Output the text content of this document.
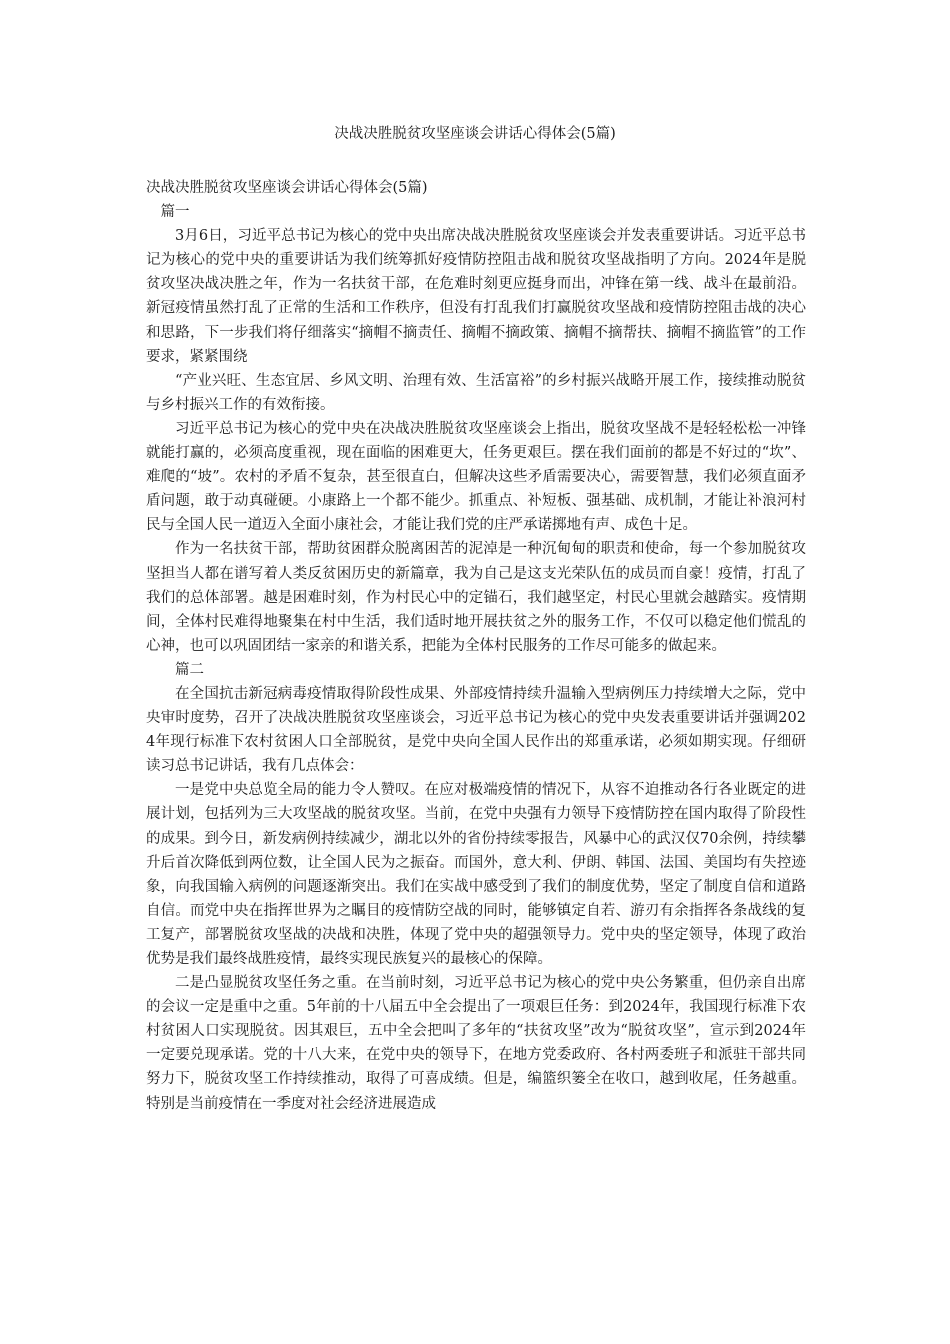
决战决胜脱贫攻坚座谈会讲话心得体会(5篇)

决战决胜脱贫攻坚座谈会讲话心得体会(5篇)

篇一

3月6日，习近平总书记为核心的党中央出席决战决胜脱贫攻坚座谈会并发表重要讲话。习近平总书记为核心的党中央的重要讲话为我们统筹抓好疫情防控阻击战和脱贫攻坚战指明了方向。2024年是脱贫攻坚决战决胜之年，作为一名扶贫干部，在危难时刻更应挺身而出，冲锋在第一线、战斗在最前沿。新冠疫情虽然打乱了正常的生活和工作秩序，但没有打乱我们打赢脱贫攻坚战和疫情防控阻击战的决心和思路，下一步我们将仔细落实“摘帽不摘责任、摘帽不摘政策、摘帽不摘帮扶、摘帽不摘监管”的工作要求，紧紧围绕

“产业兴旺、生态宜居、乡风文明、治理有效、生活富裕”的乡村振兴战略开展工作，接续推动脱贫与乡村振兴工作的有效衔接。

习近平总书记为核心的党中央在决战决胜脱贫攻坚座谈会上指出，脱贫攻坚战不是轻轻松松一冲锋就能打赢的，必须高度重视，现在面临的困难更大，任务更艰巨。摆在我们面前的都是不好过的“坎”、难爬的“坡”。农村的矛盾不复杂，甚至很直白，但解决这些矛盾需要决心，需要智慧，我们必须直面矛盾问题，敢于动真碰硬。小康路上一个都不能少。抓重点、补短板、强基础、成机制，才能让补浪河村民与全国人民一道迈入全面小康社会，才能让我们党的庄严承诺掷地有声、成色十足。

作为一名扶贫干部，帮助贫困群众脱离困苦的泥淖是一种沉甸甸的职责和使命，每一个参加脱贫攻坚担当人都在谱写着人类反贫困历史的新篇章，我为自己是这支光荣队伍的成员而自豪！疫情，打乱了我们的总体部署。越是困难时刻，作为村民心中的定锚石，我们越坚定，村民心里就会越踏实。疫情期间，全体村民难得地聚集在村中生活，我们适时地开展扶贫之外的服务工作，不仅可以稳定他们慌乱的心神，也可以巩固团结一家亲的和谐关系，把能为全体村民服务的工作尽可能多的做起来。

篇二

在全国抗击新冠病毒疫情取得阶段性成果、外部疫情持续升温输入型病例压力持续增大之际，党中央审时度势，召开了决战决胜脱贫攻坚座谈会，习近平总书记为核心的党中央发表重要讲话并强调2024年现行标准下农村贫困人口全部脱贫，是党中央向全国人民作出的郑重承诺，必须如期实现。仔细研读习总书记讲话，我有几点体会：

一是党中央总览全局的能力令人赞叹。在应对极端疫情的情况下，从容不迫推动各行各业既定的进展计划，包括列为三大攻坚战的脱贫攻坚。当前，在党中央强有力领导下疫情防控在国内取得了阶段性的成果。到今日，新发病例持续减少，湖北以外的省份持续零报告，风暴中心的武汉仅70余例，持续攀升后首次降低到两位数，让全国人民为之振奋。而国外，意大利、伊朗、韩国、法国、美国均有失控迹象，向我国输入病例的问题逐渐突出。我们在实战中感受到了我们的制度优势，坚定了制度自信和道路自信。而党中央在指挥世界为之瞩目的疫情防空战的同时，能够镇定自若、游刃有余指挥各条战线的复工复产，部署脱贫攻坚战的决战和决胜，体现了党中央的超强领导力。党中央的坚定领导，体现了政治优势是我们最终战胜疫情，最终实现民族复兴的最核心的保障。

二是凸显脱贫攻坚任务之重。在当前时刻，习近平总书记为核心的党中央公务繁重，但仍亲自出席的会议一定是重中之重。5年前的十八届五中全会提出了一项艰巨任务：到2024年，我国现行标准下农村贫困人口实现脱贫。因其艰巨，五中全会把叫了多年的“扶贫攻坚”改为“脱贫攻坚”，宣示到2024年一定要兑现承诺。党的十八大来，在党中央的领导下，在地方党委政府、各村两委班子和派驻干部共同努力下，脱贫攻坚工作持续推动，取得了可喜成绩。但是，编篮织篓全在收口，越到收尾，任务越重。特别是当前疫情在一季度对社会经济进展造成
